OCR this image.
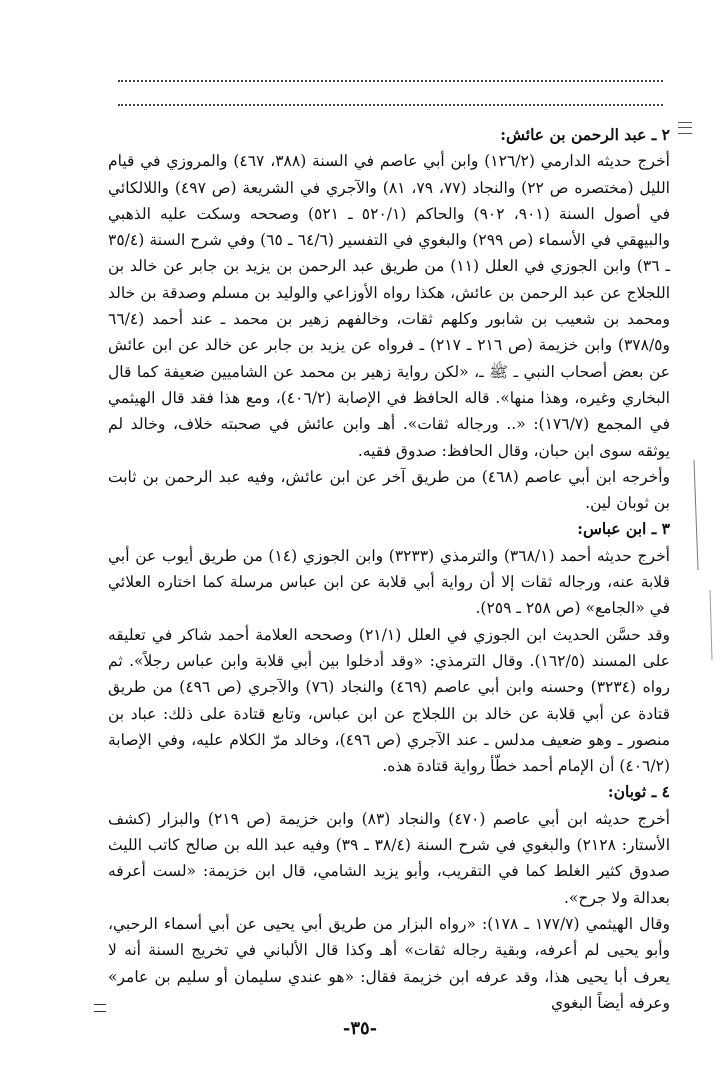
٢ ـ عبد الرحمن بن عائش:

أخرج حديثه الدارمي (١٢٦/٢) وابن أبي عاصم في السنة (٣٨٨، ٤٦٧) والمروزي في قيام الليل (مختصره ص ٢٢) والنجاد (٧٧، ٧٩، ٨١) والآجري في الشريعة (ص ٤٩٧) واللالكائي في أصول السنة (٩٠١، ٩٠٢) والحاكم (٥٢٠/١ ـ ٥٢١) وصححه وسكت عليه الذهبي والبيهقي في الأسماء (ص ٢٩٩) والبغوي في التفسير (٦٤/٦ ـ ٦٥) وفي شرح السنة (٣٥/٤ ـ ٣٦) وابن الجوزي في العلل (١١) من طريق عبد الرحمن بن يزيد بن جابر عن خالد بن اللجلاج عن عبد الرحمن بن عائش، هكذا رواه الأوزاعي والوليد بن مسلم وصدقة بن خالد ومحمد بن شعيب بن شابور وكلهم ثقات، وخالفهم زهير بن محمد ـ عند أحمد (٦٦/٤ و٣٧٨/٥) وابن خزيمة (ص ٢١٦ ـ ٢١٧) ـ فرواه عن يزيد بن جابر عن خالد عن ابن عائش عن بعض أصحاب النبي ـ ﷺ ـ، «لكن رواية زهير بن محمد عن الشاميين ضعيفة كما قال البخاري وغيره، وهذا منها». قاله الحافظ في الإصابة (٤٠٦/٢)، ومع هذا فقد قال الهيثمي في المجمع (١٧٦/٧): «.. ورجاله ثقات». أهـ وابن عائش في صحبته خلاف، وخالد لم يوثقه سوى ابن حبان، وقال الحافظ: صدوق فقيه.

وأخرجه ابن أبي عاصم (٤٦٨) من طريق آخر عن ابن عائش، وفيه عبد الرحمن بن ثابت بن ثوبان لين.

٣ ـ ابن عباس:

أخرج حديثه أحمد (٣٦٨/١) والترمذي (٣٢٣٣) وابن الجوزي (١٤) من طريق أيوب عن أبي قلابة عنه، ورجاله ثقات إلا أن رواية أبي قلابة عن ابن عباس مرسلة كما اختاره العلائي في «الجامع» (ص ٢٥٨ ـ ٢٥٩).

وقد حسَّن الحديث ابن الجوزي في العلل (٢١/١) وصححه العلامة أحمد شاكر في تعليقه على المسند (١٦٢/٥). وقال الترمذي: «وقد أدخلوا بين أبي قلابة وابن عباس رجلاً». ثم رواه (٣٢٣٤) وحسنه وابن أبي عاصم (٤٦٩) والنجاد (٧٦) والآجري (ص ٤٩٦) من طريق قتادة عن أبي قلابة عن خالد بن اللجلاج عن ابن عباس، وتابع قتادة على ذلك: عباد بن منصور ـ وهو ضعيف مدلس ـ عند الآجري (ص ٤٩٦)، وخالد مرّ الكلام عليه، وفي الإصابة (٤٠٦/٢) أن الإمام أحمد خطّأ رواية قتادة هذه.

٤ ـ ثوبان:

أخرج حديثه ابن أبي عاصم (٤٧٠) والنجاد (٨٣) وابن خزيمة (ص ٢١٩) والبزار (كشف الأستار: ٢١٢٨) والبغوي في شرح السنة (٣٨/٤ ـ ٣٩) وفيه عبد الله بن صالح كاتب الليث صدوق كثير الغلط كما في التقريب، وأبو يزيد الشامي، قال ابن خزيمة: «لست أعرفه بعدالة ولا جرح».

وقال الهيثمي (١٧٧/٧ ـ ١٧٨): «رواه البزار من طريق أبي يحيى عن أبي أسماء الرحبي، وأبو يحيى لم أعرفه، وبقية رجاله ثقات» أهـ وكذا قال الألباني في تخريج السنة أنه لا يعرف أبا يحيى هذا، وقد عرفه ابن خزيمة فقال: «هو عندي سليمان أو سليم بن عامر» وعرفه أيضاً البغوي

-٣٥-
